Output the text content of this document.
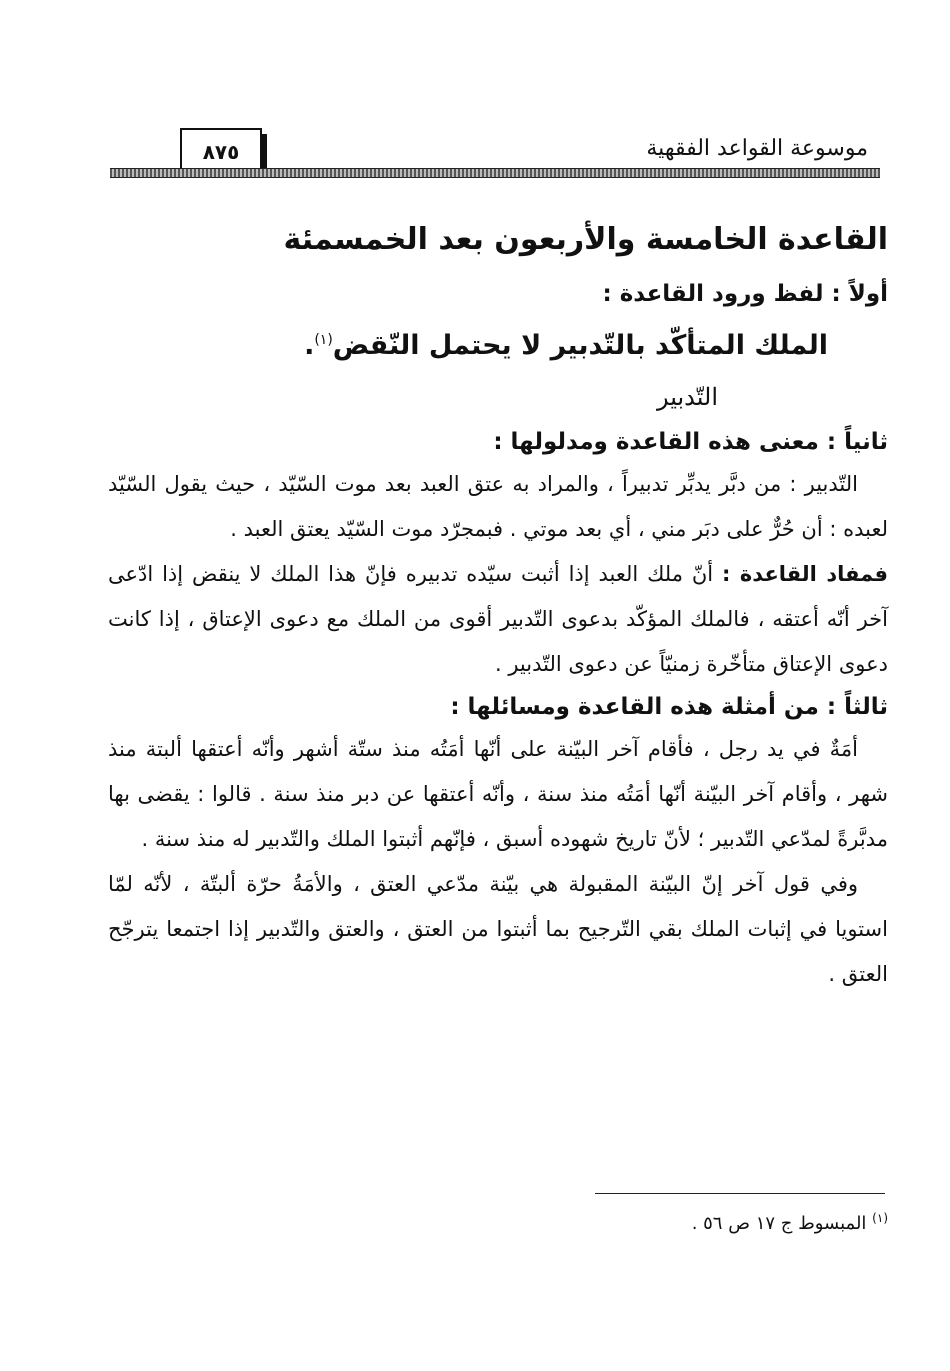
٨٧٥	موسوعة القواعد الفقهية
القاعدة الخامسة والأربعون بعد الخمسمئة
أولاً : لفظ ورود القاعدة :
الملك المتأكّد بالتّدبير لا يحتمل النّقض$^{(١)}$.
التّدبير
ثانياً : معنى هذه القاعدة ومدلولها :

التّدبير : من دبَّر يدبِّر تدبيراً ، والمراد به عتق العبد بعد موت السّيّد ، حيث يقول السّيّد لعبده : أن حُرٌّ على دبَر مني ، أي بعد موتي . فبمجرّد موت السّيّد يعتق العبد .

فمفاد القاعدة : أنّ ملك العبد إذا أثبت سيّده تدبيره فإنّ هذا الملك لا ينقض إذا ادّعى آخر أنّه أعتقه ، فالملك المؤكّد بدعوى التّدبير أقوى من الملك مع دعوى الإعتاق ، إذا كانت دعوى الإعتاق متأخّرة زمنيّاً عن دعوى التّدبير .

ثالثاً : من أمثلة هذه القاعدة ومسائلها :

أمَةٌ في يد رجل ، فأقام آخر البيّنة على أنّها أمَتُه منذ ستّة أشهر وأنّه أعتقها ألبتة منذ شهر ، وأقام آخر البيّنة أنّها أمَتُه منذ سنة ، وأنّه أعتقها عن دبر منذ سنة . قالوا : يقضى بها مدبَّرةً لمدّعي التّدبير ؛ لأنّ تاريخ شهوده أسبق ، فإنّهم أثبتوا الملك والتّدبير له منذ سنة .

وفي قول آخر إنّ البيّنة المقبولة هي بيّنة مدّعي العتق ، والأمَةُ حرّة ألبتّة ، لأنّه لمّا استويا في إثبات الملك بقي التّرجيح بما أثبتوا من العتق ، والعتق والتّدبير إذا اجتمعا يترجّح العتق .

$^{(١)}$ المبسوط ج ١٧ ص ٥٦ .
